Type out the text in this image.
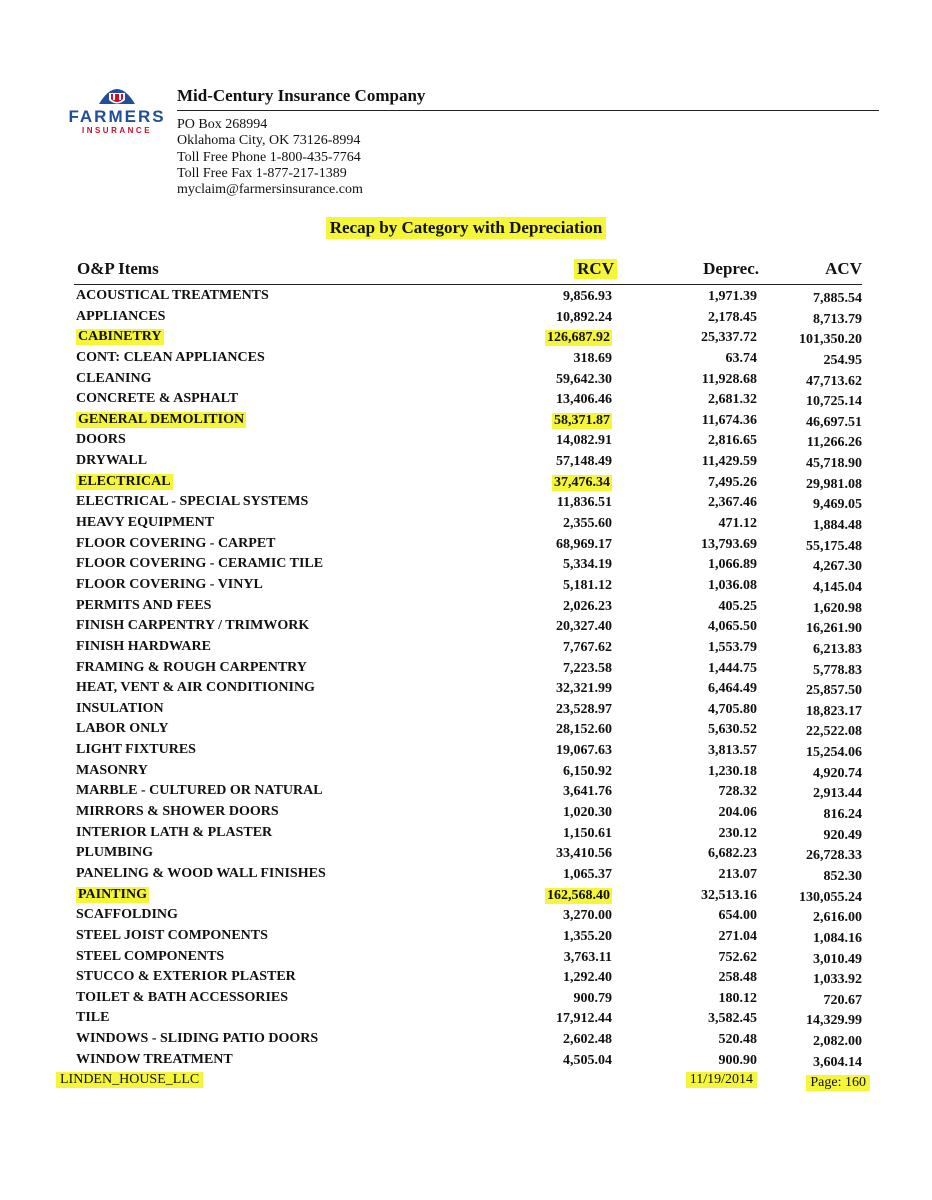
FARMERS
INSURANCE
Mid-Century Insurance Company
PO Box 268994
Oklahoma City, OK 73126-8994
Toll Free Phone 1-800-435-7764
Toll Free Fax 1-877-217-1389
myclaim@farmersinsurance.com
Recap by Category with Depreciation
O&P Items	RCV	Deprec.	ACV
ACOUSTICAL TREATMENTS	9,856.93	1,971.39	7,885.54
APPLIANCES	10,892.24	2,178.45	8,713.79
CABINETRY	126,687.92	25,337.72	101,350.20
CONT: CLEAN APPLIANCES	318.69	63.74	254.95
CLEANING	59,642.30	11,928.68	47,713.62
CONCRETE & ASPHALT	13,406.46	2,681.32	10,725.14
GENERAL DEMOLITION	58,371.87	11,674.36	46,697.51
DOORS	14,082.91	2,816.65	11,266.26
DRYWALL	57,148.49	11,429.59	45,718.90
ELECTRICAL	37,476.34	7,495.26	29,981.08
ELECTRICAL - SPECIAL SYSTEMS	11,836.51	2,367.46	9,469.05
HEAVY EQUIPMENT	2,355.60	471.12	1,884.48
FLOOR COVERING - CARPET	68,969.17	13,793.69	55,175.48
FLOOR COVERING - CERAMIC TILE	5,334.19	1,066.89	4,267.30
FLOOR COVERING - VINYL	5,181.12	1,036.08	4,145.04
PERMITS AND FEES	2,026.23	405.25	1,620.98
FINISH CARPENTRY / TRIMWORK	20,327.40	4,065.50	16,261.90
FINISH HARDWARE	7,767.62	1,553.79	6,213.83
FRAMING & ROUGH CARPENTRY	7,223.58	1,444.75	5,778.83
HEAT, VENT & AIR CONDITIONING	32,321.99	6,464.49	25,857.50
INSULATION	23,528.97	4,705.80	18,823.17
LABOR ONLY	28,152.60	5,630.52	22,522.08
LIGHT FIXTURES	19,067.63	3,813.57	15,254.06
MASONRY	6,150.92	1,230.18	4,920.74
MARBLE - CULTURED OR NATURAL	3,641.76	728.32	2,913.44
MIRRORS & SHOWER DOORS	1,020.30	204.06	816.24
INTERIOR LATH & PLASTER	1,150.61	230.12	920.49
PLUMBING	33,410.56	6,682.23	26,728.33
PANELING & WOOD WALL FINISHES	1,065.37	213.07	852.30
PAINTING	162,568.40	32,513.16	130,055.24
SCAFFOLDING	3,270.00	654.00	2,616.00
STEEL JOIST COMPONENTS	1,355.20	271.04	1,084.16
STEEL COMPONENTS	3,763.11	752.62	3,010.49
STUCCO & EXTERIOR PLASTER	1,292.40	258.48	1,033.92
TOILET & BATH ACCESSORIES	900.79	180.12	720.67
TILE	17,912.44	3,582.45	14,329.99
WINDOWS - SLIDING PATIO DOORS	2,602.48	520.48	2,082.00
WINDOW TREATMENT	4,505.04	900.90	3,604.14
LINDEN_HOUSE_LLC	11/19/2014	Page: 160
